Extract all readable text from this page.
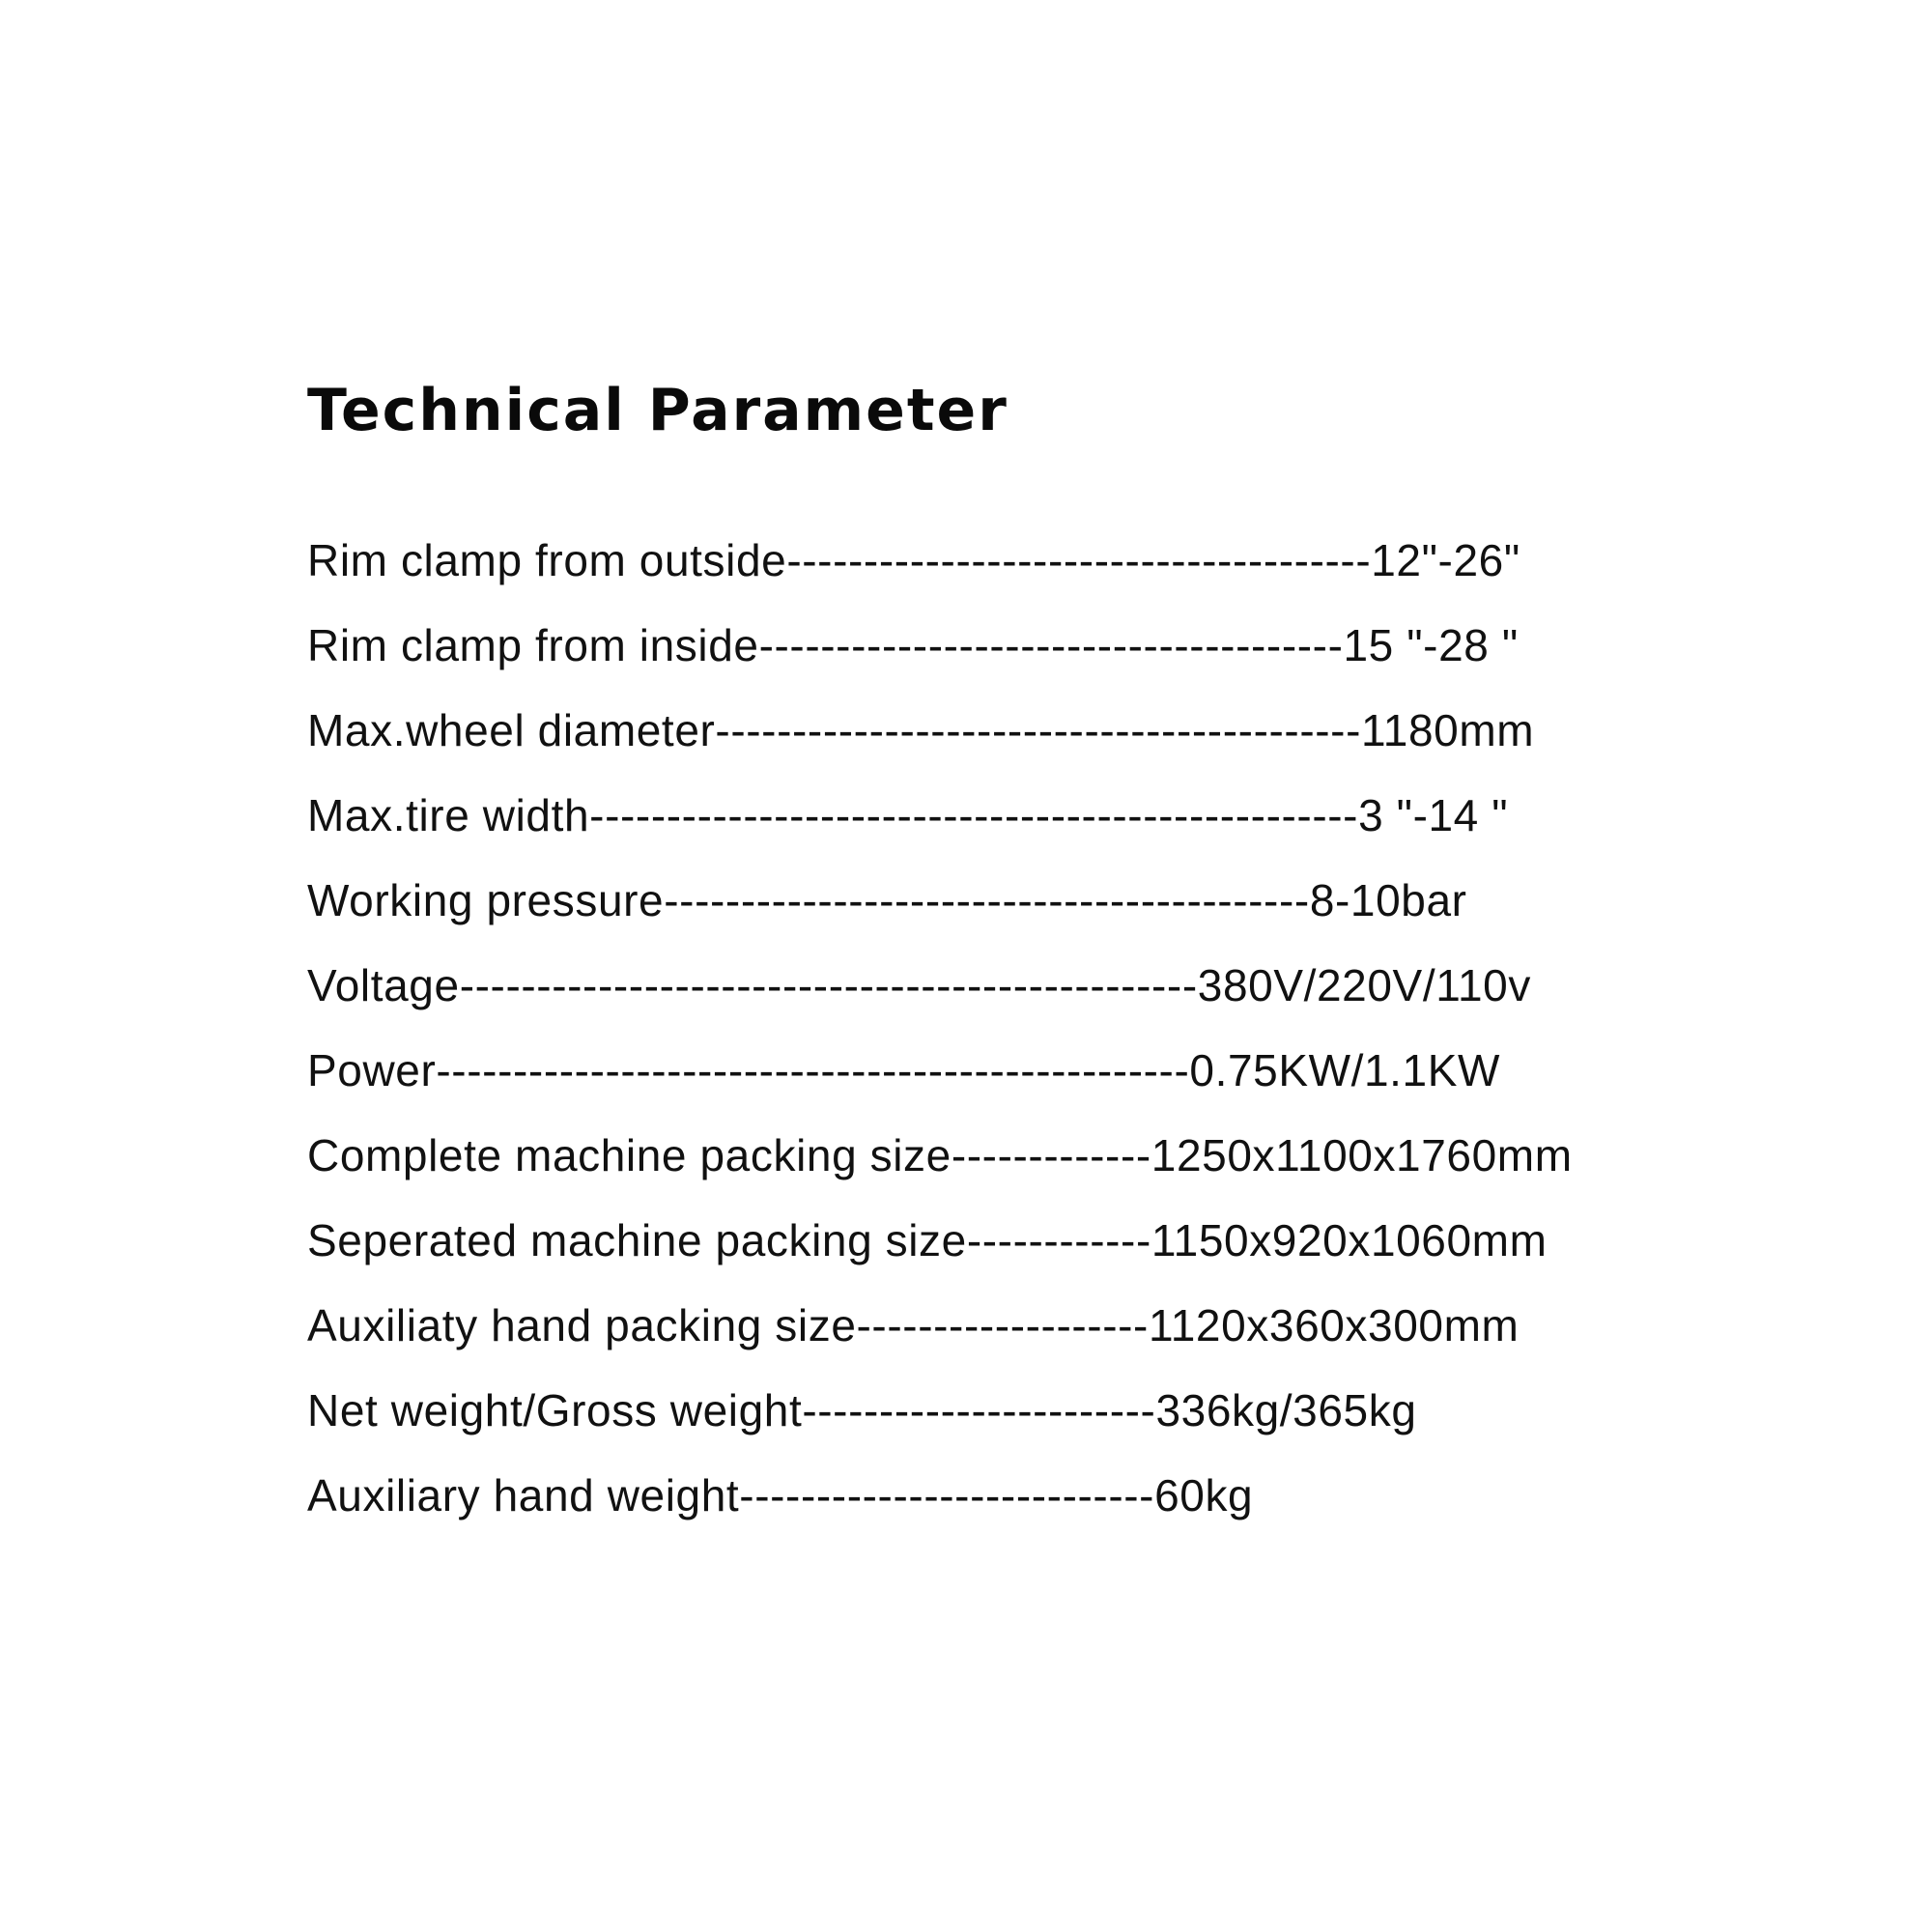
Technical Parameter
Rim clamp from outside--------------------------------------12"-26"
Rim clamp from inside--------------------------------------15 "-28 "
Max.wheel diameter------------------------------------------1180mm
Max.tire width--------------------------------------------------3 "-14 "
Working pressure------------------------------------------8-10bar
Voltage------------------------------------------------380V/220V/110v
Power-------------------------------------------------0.75KW/1.1KW
Complete machine packing size-------------1250x1100x1760mm
Seperated machine packing size------------1150x920x1060mm
Auxiliaty hand packing size-------------------1120x360x300mm
Net weight/Gross weight-----------------------336kg/365kg
Auxiliary hand weight---------------------------60kg
